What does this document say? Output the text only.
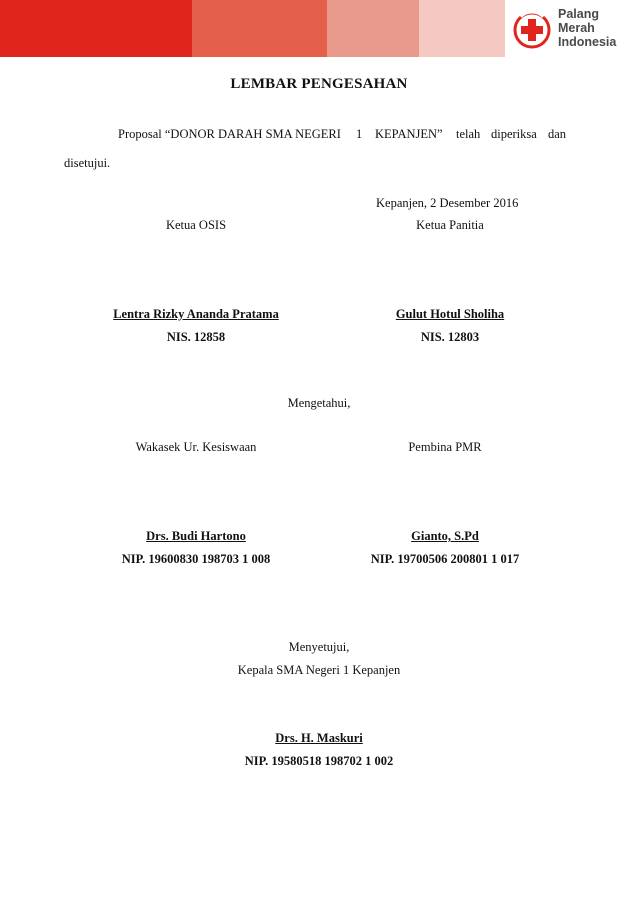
Palang
Merah
Indonesia
LEMBAR PENGESAHAN
Proposal “DONOR DARAH SMA NEGERI 1 KEPANJEN” telah diperiksa dan
disetujui.
Kepanjen, 2 Desember 2016
Ketua OSIS	Ketua Panitia
Lentra Rizky Ananda Pratama
NIS. 12858
Gulut Hotul Sholiha
NIS. 12803
Mengetahui,
Wakasek Ur. Kesiswaan	Pembina PMR
Drs. Budi Hartono
NIP. 19600830 198703 1 008
Gianto, S.Pd
NIP. 19700506 200801 1 017
Menyetujui,
Kepala SMA Negeri 1 Kepanjen
Drs. H. Maskuri
NIP. 19580518 198702 1 002
